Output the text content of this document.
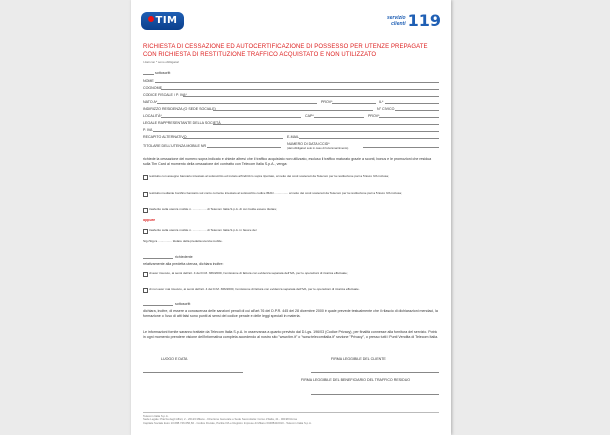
TIM	servizio
clienti 119
RICHIESTA DI CESSAZIONE ED AUTOCERTIFICAZIONE DI POSSESSO PER UTENZE PREPAGATE CON RICHIESTA DI RESTITUZIONE TRAFFICO ACQUISTATO E NON UTILIZZATO
I dati con * sono obbligatori
sottoscritt
NOME
COGNOME
CODICE FISCALE / P. IVA*
NATO A*	PROV*	IL*
INDIRIZZO RESIDENZA (O SEDE SOCIALE)	N° CIVICO
LOCALITÀ*	CAP*	PROV*
LEGALE RAPPRESENTANTE DELLA SOCIETÀ
P. IVA
RECAPITO ALTERNATIVO	E-MAIL
TITOLARE DELL'UTENZA MOBILE NR	NUMERO DI DATA ICCID*
(dati obbligatori solo in caso di furto/smarrimento)
richiede la cessazione del numero sopra indicato e chiede altresì che il traffico acquistato non utilizzato, escluso il traffico maturato grazie a sconti, bonus e le promozioni che residua sulla Tim Card al momento della cessazione del contratto con Telecom Italia S.p.A., venga:
restituito con assegno bancario intestato al sottoscritto ed inviato all'indirizzo sopra riportato, al netto dei costi sostenuti da Telecom per la restituzione pari a 5 Euro IVA inclusa;
restituito mediante bonifico bancario sul conto corrente intestato al sottoscritto codice IBAN ................ al netto dei costi sostenuti da Telecom per la restituzione pari a 5 Euro IVA inclusa;
trasferito sulla utenza mobile n. ................ di Telecom Italia S.p.A. di cui risulta essere titolare;
oppure
trasferito sulla utenza mobile n. ................ di Telecom Italia S.p.A. in favore del
Sig./Sig.ra ................ titolare della predetta utenza mobile.
richiedente
relativamente alla predetta utenza, dichiara inoltre:
di aver ricevuto, ai sensi dell'art. 4 del D.M. 366/2000, l'emissione di fattura con evidenza separata dell'IVA, per le operazioni di ricarica effettuate;
di non aver mai ricevuto, ai sensi dell'art. 4 del D.M. 366/2000, l'emissione di fattura con evidenza separata dell'IVA, per le operazioni di ricarica effettuate.
sottoscritt
dichiara, inoltre, di essere a conoscenza delle sanzioni penali di cui all'art.76 del D.P.R. 445 del 28 dicembre 2000 è quale prevede testualmente che il rilascio di dichiarazioni mendaci, la formazione o l'uso di atti falsi sono puniti ai sensi del codice penale e delle leggi speciali in materia.
Le informazioni fornite saranno trattate da Telecom Italia S.p.A. in osservanza a quanto previsto dal D.Lgs. 196/03 (Codice Privacy), per finalità connesse alla fornitura del servizio. Potrà in ogni momento prendere visione dell'informativa completa accedendo al nostro sito "www.tim.it" o "www.telecomitalia.it" sezione "Privacy", o presso tutti i Punti Vendita di Telecom Italia.
LUOGO E DATA	FIRMA LEGGIBILE DEL CLIENTE
FIRMA LEGGIBILE DEL BENEFICIARIO DEL TRAFFICO RESIDUO
Telecom Italia S.p.A.
Sede Legale: Piazza degli Affari, 2 - 20123 Milano - Direzione Generale e Sede Secondaria: Corso d'Italia, 41 - 00198 Roma
Capitale Sociale Euro 10.688.746.056,60 - Codice Fiscale, Partita IVA e Registro Imprese di Milano 00488410010 - Telecom Italia S.p.A.
